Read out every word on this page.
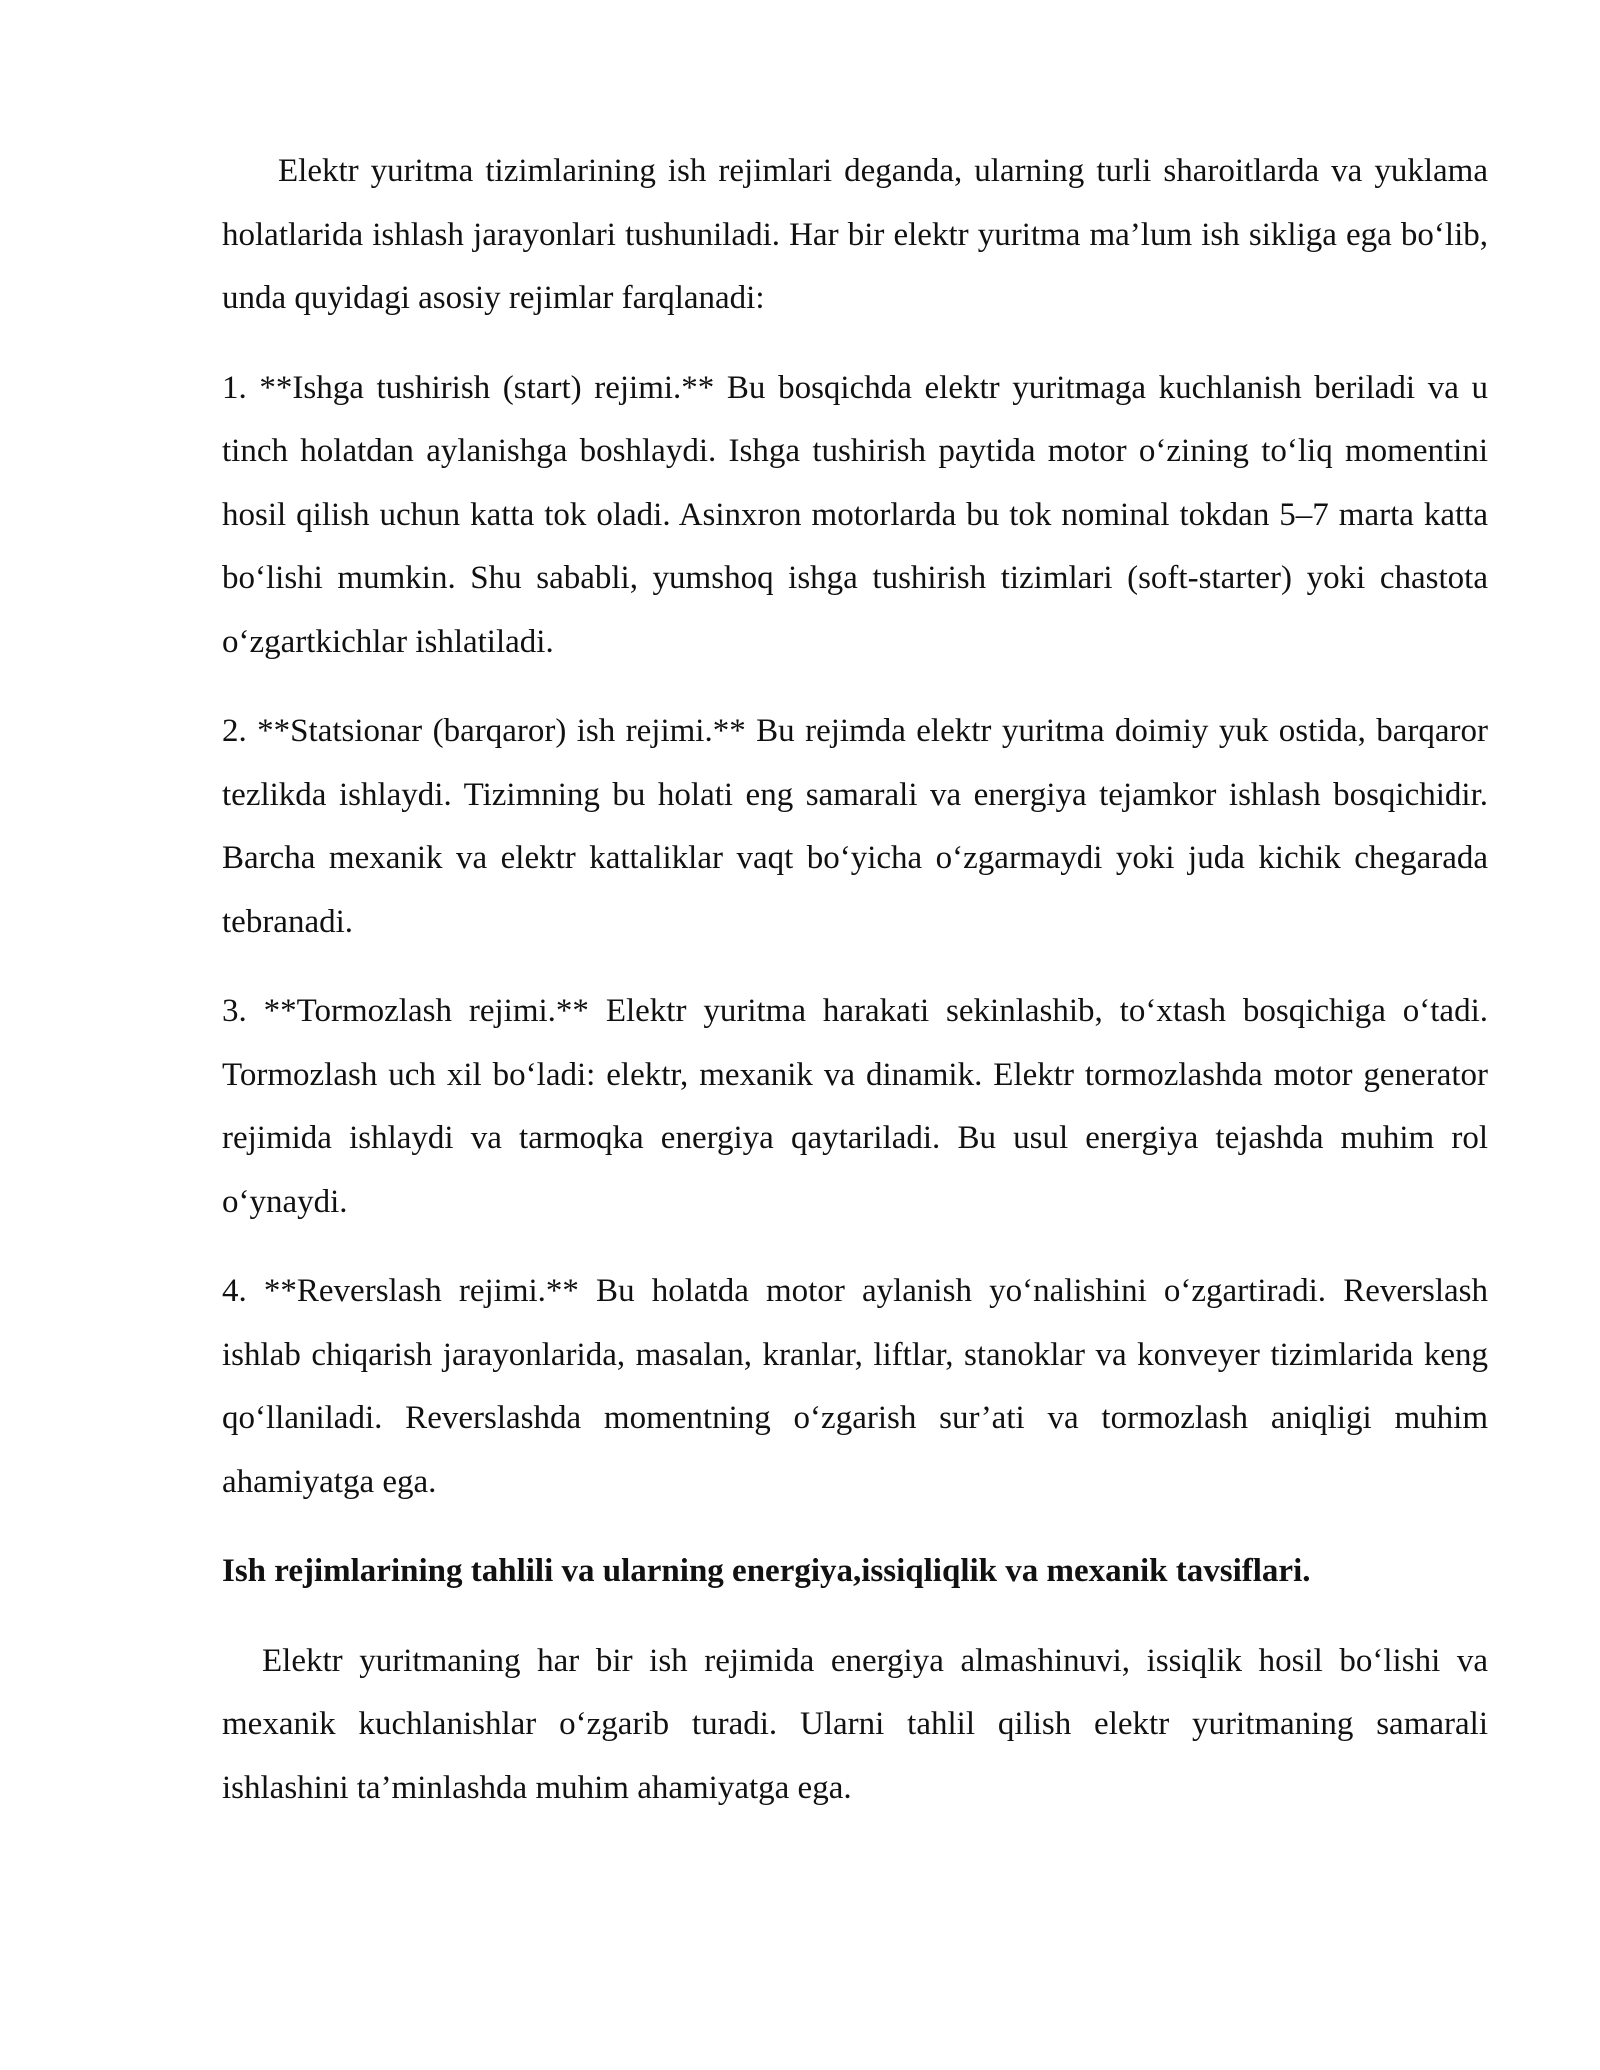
Elektr yuritma tizimlarining ish rejimlari deganda, ularning turli sharoitlarda va yuklama holatlarida ishlash jarayonlari tushuniladi. Har bir elektr yuritma ma’lum ish sikliga ega bo‘lib, unda quyidagi asosiy rejimlar farqlanadi:

1. **Ishga tushirish (start) rejimi.** Bu bosqichda elektr yuritmaga kuchlanish beriladi va u tinch holatdan aylanishga boshlaydi. Ishga tushirish paytida motor o‘zining to‘liq momentini hosil qilish uchun katta tok oladi. Asinxron motorlarda bu tok nominal tokdan 5–7 marta katta bo‘lishi mumkin. Shu sababli, yumshoq ishga tushirish tizimlari (soft-starter) yoki chastota o‘zgartkichlar ishlatiladi.

2. **Statsionar (barqaror) ish rejimi.** Bu rejimda elektr yuritma doimiy yuk ostida, barqaror tezlikda ishlaydi. Tizimning bu holati eng samarali va energiya tejamkor ishlash bosqichidir. Barcha mexanik va elektr kattaliklar vaqt bo‘yicha o‘zgarmaydi yoki juda kichik chegarada tebranadi.

3. **Tormozlash rejimi.** Elektr yuritma harakati sekinlashib, to‘xtash bosqichiga o‘tadi. Tormozlash uch xil bo‘ladi: elektr, mexanik va dinamik. Elektr tormozlashda motor generator rejimida ishlaydi va tarmoqka energiya qaytariladi. Bu usul energiya tejashda muhim rol o‘ynaydi.

4. **Reverslash rejimi.** Bu holatda motor aylanish yo‘nalishini o‘zgartiradi. Reverslash ishlab chiqarish jarayonlarida, masalan, kranlar, liftlar, stanoklar va konveyer tizimlarida keng qo‘llaniladi. Reverslashda momentning o‘zgarish sur’ati va tormozlash aniqligi muhim ahamiyatga ega.

Ish rejimlarining tahlili va ularning energiya,issiqliqlik va mexanik tavsiflari.

Elektr yuritmaning har bir ish rejimida energiya almashinuvi, issiqlik hosil bo‘lishi va mexanik kuchlanishlar o‘zgarib turadi. Ularni tahlil qilish elektr yuritmaning samarali ishlashini ta’minlashda muhim ahamiyatga ega.
